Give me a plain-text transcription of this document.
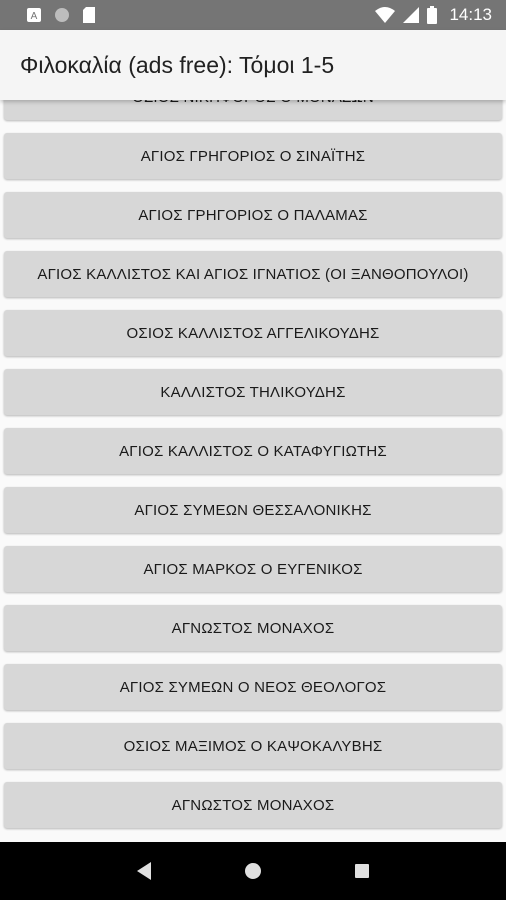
A	14:13
Φιλοκαλία (ads free): Τόμοι 1-5
ΑΓΙΟΣ ΓΡΗΓΟΡΙΟΣ Ο ΣΙΝΑΪΤΗΣ
ΑΓΙΟΣ ΓΡΗΓΟΡΙΟΣ Ο ΠΑΛΑΜΑΣ
ΑΓΙΟΣ ΚΑΛΛΙΣΤΟΣ ΚΑΙ ΑΓΙΟΣ ΙΓΝΑΤΙΟΣ (ΟΙ ΞΑΝΘΟΠΟΥΛΟΙ)
ΟΣΙΟΣ ΚΑΛΛΙΣΤΟΣ ΑΓΓΕΛΙΚΟΥΔΗΣ
ΚΑΛΛΙΣΤΟΣ ΤΗΛΙΚΟΥΔΗΣ
ΑΓΙΟΣ ΚΑΛΛΙΣΤΟΣ Ο ΚΑΤΑΦΥΓΙΩΤΗΣ
ΑΓΙΟΣ ΣΥΜΕΩΝ ΘΕΣΣΑΛΟΝΙΚΗΣ
ΑΓΙΟΣ ΜΑΡΚΟΣ Ο ΕΥΓΕΝΙΚΟΣ
ΑΓΝΩΣΤΟΣ ΜΟΝΑΧΟΣ
ΑΓΙΟΣ ΣΥΜΕΩΝ Ο ΝΕΟΣ ΘΕΟΛΟΓΟΣ
ΟΣΙΟΣ ΜΑΞΙΜΟΣ Ο ΚΑΨΟΚΑΛΥΒΗΣ
ΑΓΝΩΣΤΟΣ ΜΟΝΑΧΟΣ
